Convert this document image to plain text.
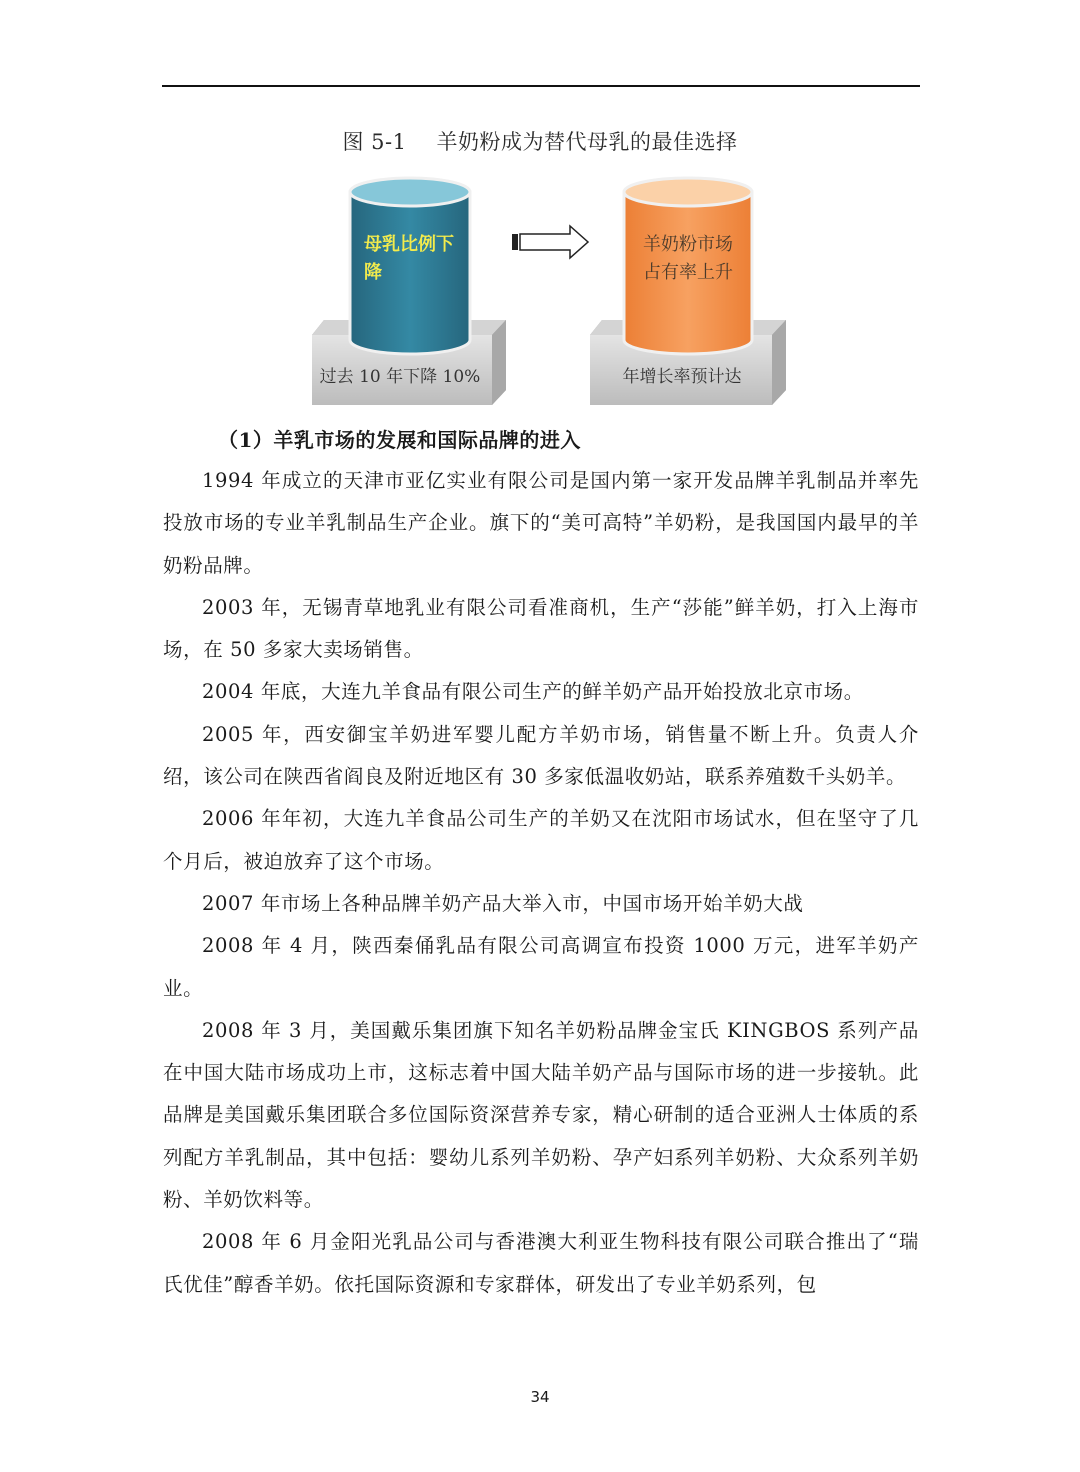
图 5-1 羊奶粉成为替代母乳的最佳选择
母乳比例下
降
羊奶粉市场
占有率上升
过去 10 年下降 10%	年增长率预计达
（1）羊乳市场的发展和国际品牌的进入

1994 年成立的天津市亚亿实业有限公司是国内第一家开发品牌羊乳制品并率先投放市场的专业羊乳制品生产企业。旗下的“美可高特”羊奶粉，是我国国内最早的羊奶粉品牌。

2003 年，无锡青草地乳业有限公司看准商机，生产“莎能”鲜羊奶，打入上海市场，在 50 多家大卖场销售。

2004 年底，大连九羊食品有限公司生产的鲜羊奶产品开始投放北京市场。

2005 年，西安御宝羊奶进军婴儿配方羊奶市场，销售量不断上升。负责人介绍，该公司在陕西省阎良及附近地区有 30 多家低温收奶站，联系养殖数千头奶羊。

2006 年年初，大连九羊食品公司生产的羊奶又在沈阳市场试水，但在坚守了几个月后，被迫放弃了这个市场。

2007 年市场上各种品牌羊奶产品大举入市，中国市场开始羊奶大战

2008 年 4 月，陕西秦俑乳品有限公司高调宣布投资 1000 万元，进军羊奶产业。

2008 年 3 月，美国戴乐集团旗下知名羊奶粉品牌金宝氏 KINGBOS 系列产品在中国大陆市场成功上市，这标志着中国大陆羊奶产品与国际市场的进一步接轨。此品牌是美国戴乐集团联合多位国际资深营养专家，精心研制的适合亚洲人士体质的系列配方羊乳制品，其中包括：婴幼儿系列羊奶粉、孕产妇系列羊奶粉、大众系列羊奶粉、羊奶饮料等。

2008 年 6 月金阳光乳品公司与香港澳大利亚生物科技有限公司联合推出了“瑞氏优佳”醇香羊奶。依托国际资源和专家群体，研发出了专业羊奶系列，包

34
